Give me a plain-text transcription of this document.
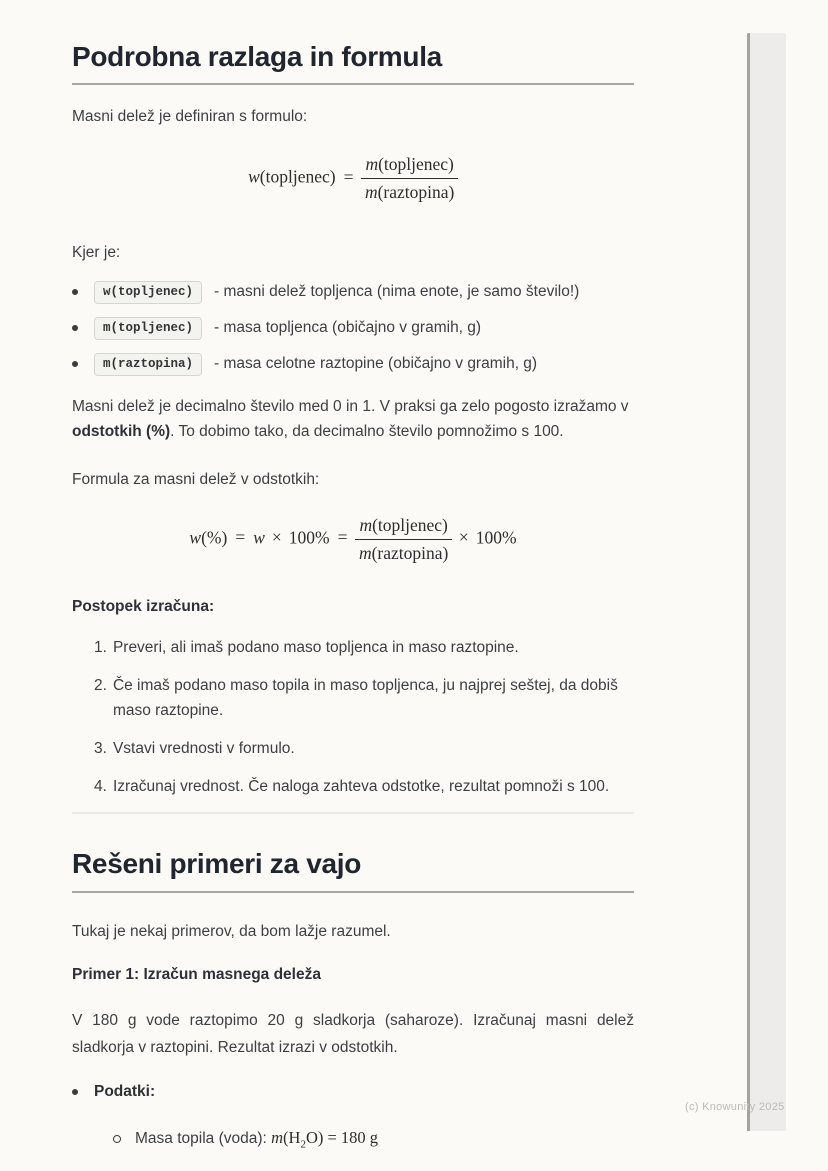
Podrobna razlaga in formula

Masni delež je definiran s formulo:

w(topljenec) = $\frac{\text{m(topljenec)}}{\text{m(raztopina)}}$

Kjer je:

w(topljenec)	- masni delež topljenca (nima enote, je samo število!)
m(topljenec)	- masa topljenca (običajno v gramih, g)
m(raztopina)	- masa celotne raztopine (običajno v gramih, g)

Masni delež je decimalno število med 0 in 1. V praksi ga zelo pogosto izražamo v odstotkih (%). To dobimo tako, da decimalno število pomnožimo s 100.

Formula za masni delež v odstotkih:

$w(\%) = w \times 100\% = \frac{\text{m(topljenec)}}{\text{m(raztopina)}} \times 100\%$

Postopek izračuna:

1. Preveri, ali imaš podano maso topljenca in maso raztopine.
2. Če imaš podano maso topila in maso topljenca, ju najprej seštej, da dobiš maso raztopine.
3. Vstavi vrednosti v formulo.
4. Izračunaj vrednost. Če naloga zahteva odstotke, rezultat pomnoži s 100.
Rešeni primeri za vajo

Tukaj je nekaj primerov, da bom lažje razumel.

Primer 1: Izračun masnega deleža

V 180 g vode raztopimo 20 g sladkorja (saharoze). Izračunaj masni delež sladkorja v raztopini. Rezultat izrazi v odstotkih.

Podatki:
Masa topila (voda): $m(H_2O) = 180$ g
(c) Knowunity 2025
